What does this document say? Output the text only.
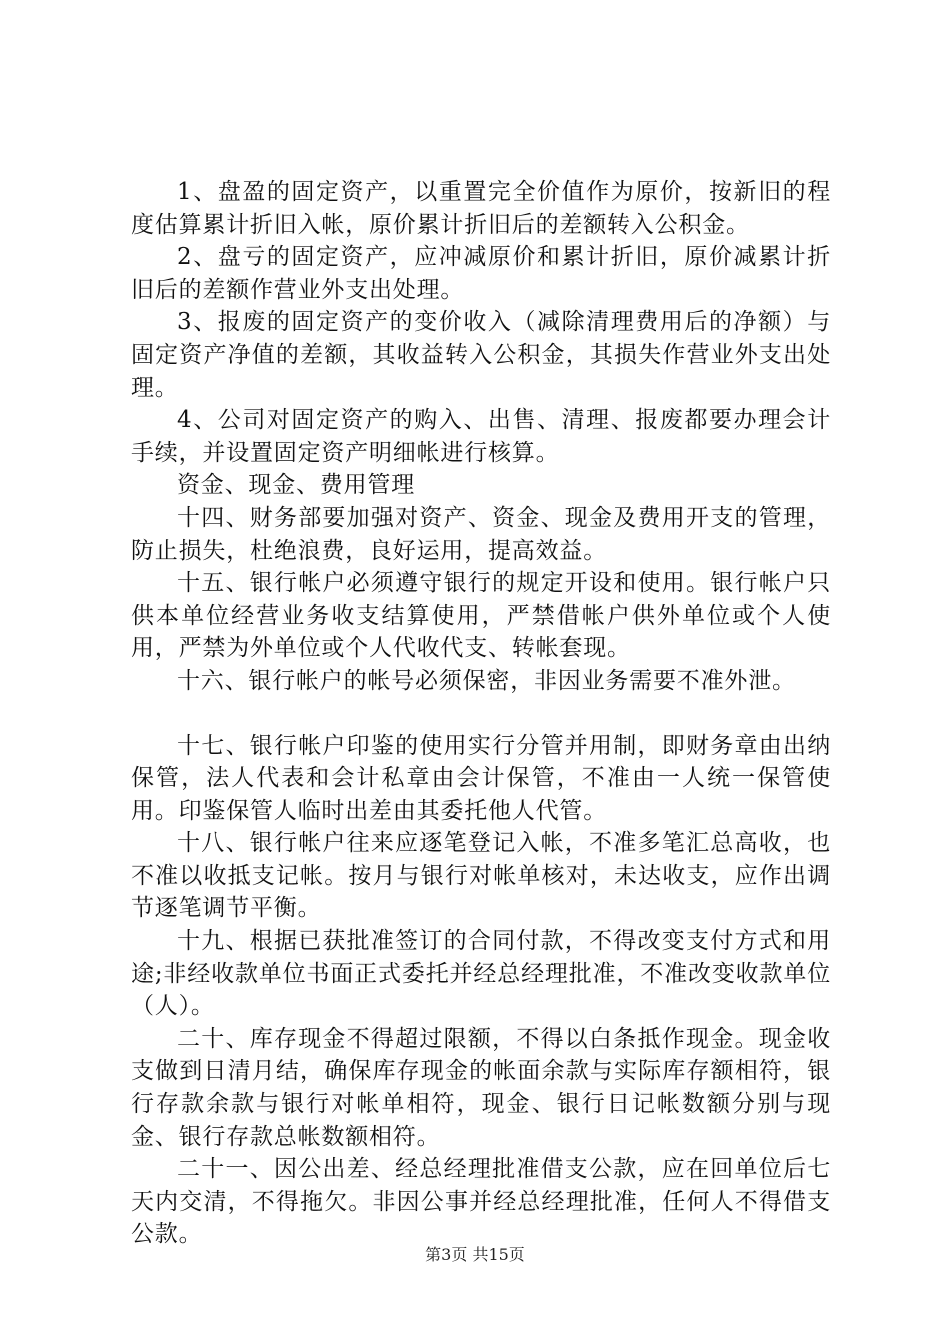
1、盘盈的固定资产，以重置完全价值作为原价，按新旧的程度估算累计折旧入帐，原价累计折旧后的差额转入公积金。

2、盘亏的固定资产，应冲减原价和累计折旧，原价减累计折旧后的差额作营业外支出处理。

3、报废的固定资产的变价收入（减除清理费用后的净额）与固定资产净值的差额，其收益转入公积金，其损失作营业外支出处理。

4、公司对固定资产的购入、出售、清理、报废都要办理会计手续，并设置固定资产明细帐进行核算。

资金、现金、费用管理

十四、财务部要加强对资产、资金、现金及费用开支的管理，防止损失，杜绝浪费，良好运用，提高效益。

十五、银行帐户必须遵守银行的规定开设和使用。银行帐户只供本单位经营业务收支结算使用，严禁借帐户供外单位或个人使用，严禁为外单位或个人代收代支、转帐套现。

十六、银行帐户的帐号必须保密，非因业务需要不准外泄。

十七、银行帐户印鉴的使用实行分管并用制，即财务章由出纳保管，法人代表和会计私章由会计保管，不准由一人统一保管使用。印鉴保管人临时出差由其委托他人代管。

十八、银行帐户往来应逐笔登记入帐，不准多笔汇总高收，也不准以收抵支记帐。按月与银行对帐单核对，未达收支，应作出调节逐笔调节平衡。

十九、根据已获批准签订的合同付款，不得改变支付方式和用途;非经收款单位书面正式委托并经总经理批准，不准改变收款单位（人）。

二十、库存现金不得超过限额，不得以白条抵作现金。现金收支做到日清月结，确保库存现金的帐面余款与实际库存额相符，银行存款余款与银行对帐单相符，现金、银行日记帐数额分别与现金、银行存款总帐数额相符。

二十一、因公出差、经总经理批准借支公款，应在回单位后七天内交清，不得拖欠。非因公事并经总经理批准，任何人不得借支公款。

第3页 共15页
